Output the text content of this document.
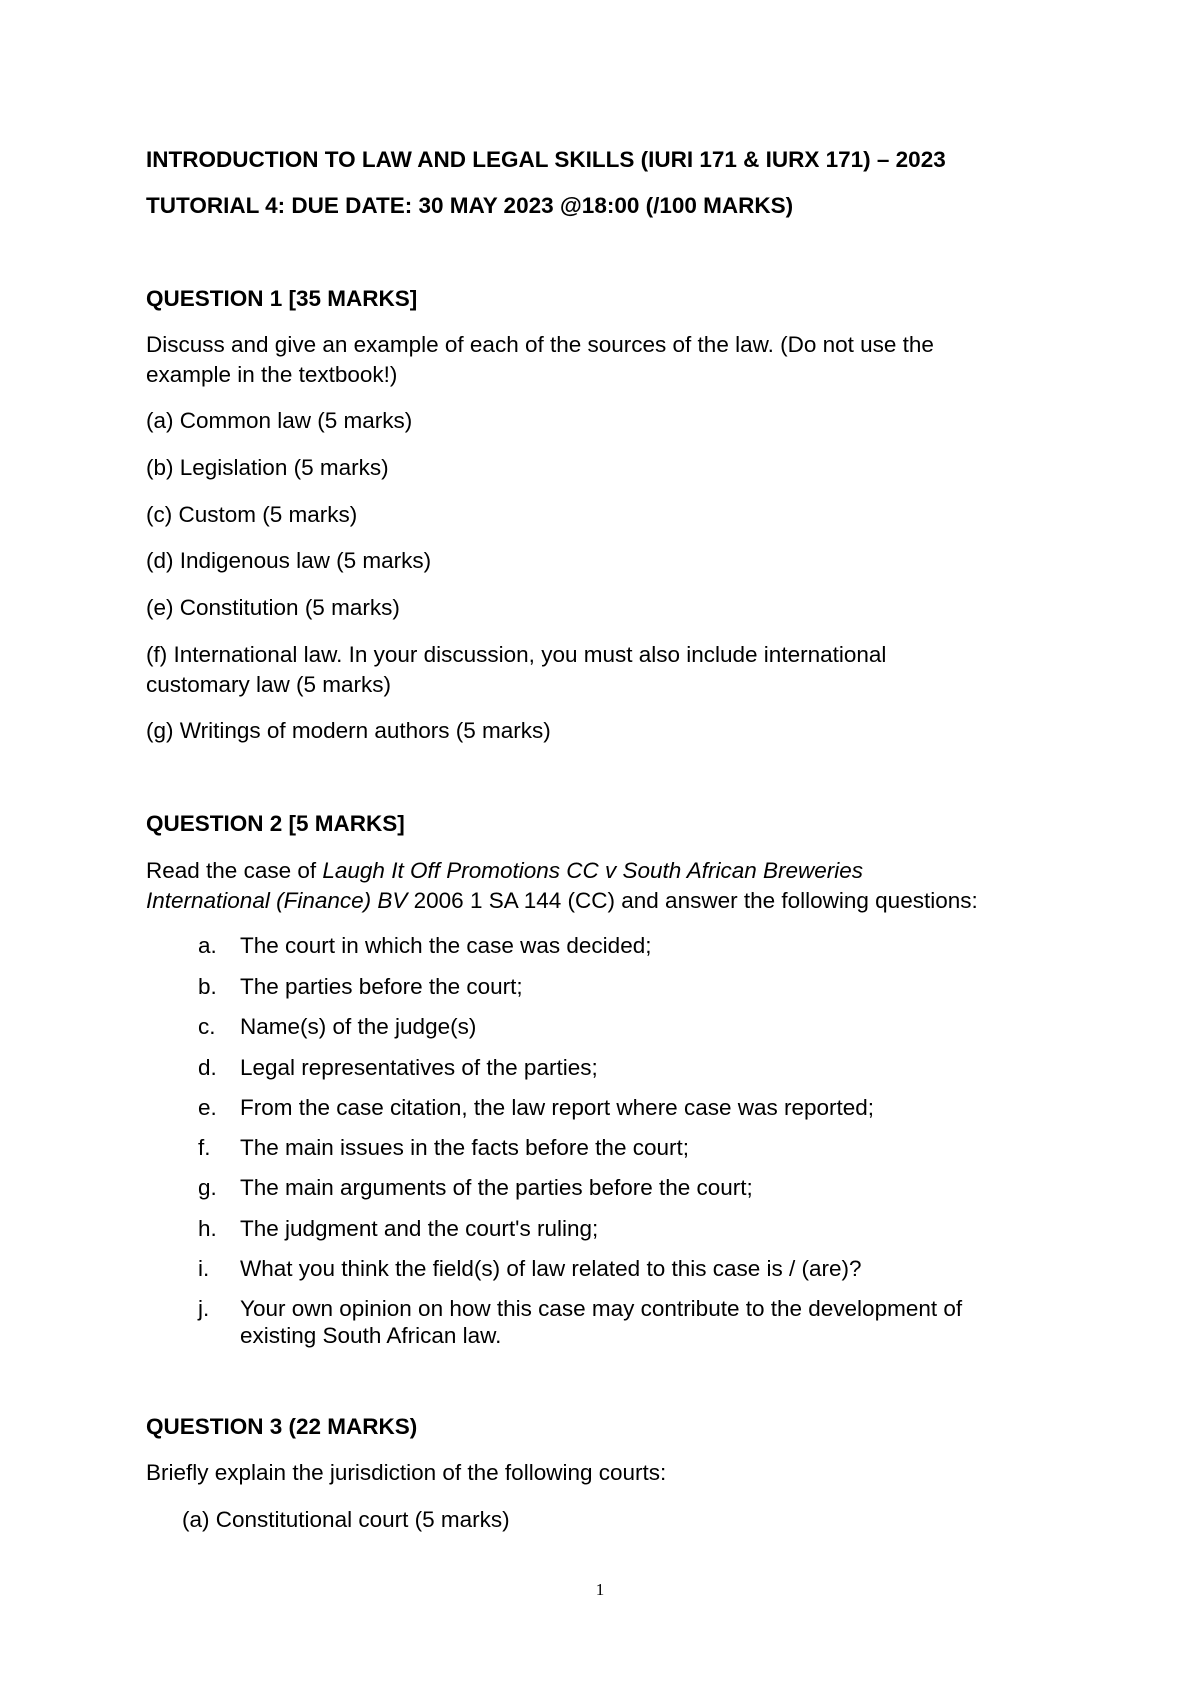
INTRODUCTION TO LAW AND LEGAL SKILLS (IURI 171 & IURX 171) – 2023
TUTORIAL 4: DUE DATE: 30 MAY 2023 @18:00 (/100 MARKS)
QUESTION 1 [35 MARKS]
Discuss and give an example of each of the sources of the law. (Do not use the
example in the textbook!)
(a) Common law (5 marks)
(b) Legislation (5 marks)
(c) Custom (5 marks)
(d) Indigenous law (5 marks)
(e) Constitution (5 marks)
(f) International law. In your discussion, you must also include international
customary law (5 marks)
(g) Writings of modern authors (5 marks)
QUESTION 2 [5 MARKS]
Read the case of Laugh It Off Promotions CC v South African Breweries
International (Finance) BV 2006 1 SA 144 (CC) and answer the following questions:
a. The court in which the case was decided;
b. The parties before the court;
c. Name(s) of the judge(s)
d. Legal representatives of the parties;
e. From the case citation, the law report where case was reported;
f. The main issues in the facts before the court;
g. The main arguments of the parties before the court;
h. The judgment and the court's ruling;
i. What you think the field(s) of law related to this case is / (are)?
j. Your own opinion on how this case may contribute to the development of
existing South African law.
QUESTION 3 (22 MARKS)
Briefly explain the jurisdiction of the following courts:
(a) Constitutional court (5 marks)
1
